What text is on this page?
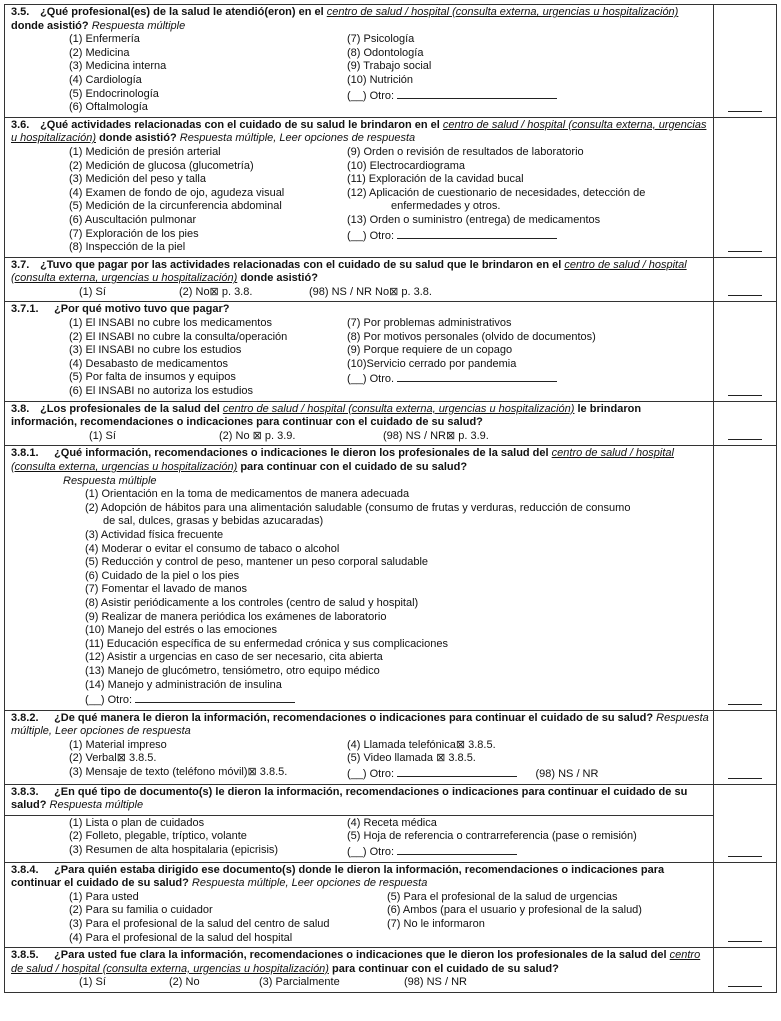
3.5. ¿Qué profesional(es) de la salud le atendió(eron) en el centro de salud / hospital (consulta externa, urgencias u hospitalización) donde asistió? Respuesta múltiple
(1) Enfermería
(2) Medicina
(3) Medicina interna
(4) Cardiología
(5) Endocrinología
(6) Oftalmología
(7) Psicología
(8) Odontología
(9) Trabajo social
(10) Nutrición
(__) Otro:
3.6. ¿Qué actividades relacionadas con el cuidado de su salud le brindaron en el centro de salud / hospital (consulta externa, urgencias u hospitalización) donde asistió? Respuesta múltiple, Leer opciones de respuesta
(1) Medición de presión arterial
(2) Medición de glucosa (glucometría)
(3) Medición del peso y talla
(4) Examen de fondo de ojo, agudeza visual
(5) Medición de la circunferencia abdominal
(6) Auscultación pulmonar
(7) Exploración de los pies
(8) Inspección de la piel
(9) Orden o revisión de resultados de laboratorio
(10) Electrocardiograma
(11) Exploración de la cavidad bucal
(12) Aplicación de cuestionario de necesidades, detección de
enfermedades y otros.
(13) Orden o suministro (entrega) de medicamentos
(__) Otro:
3.7. ¿Tuvo que pagar por las actividades relacionadas con el cuidado de su salud que le brindaron en el centro de salud / hospital (consulta externa, urgencias u hospitalización) donde asistió?
(1) Sí	(2) No⊠ p. 3.8.	(98) NS / NR No⊠ p. 3.8.
3.7.1. ¿Por qué motivo tuvo que pagar?
(1) El INSABI no cubre los medicamentos
(2) El INSABI no cubre la consulta/operación
(3) El INSABI no cubre los estudios
(4) Desabasto de medicamentos
(5) Por falta de insumos y equipos
(6) El INSABI no autoriza los estudios
(7) Por problemas administrativos
(8) Por motivos personales (olvido de documentos)
(9) Porque requiere de un copago
(10)Servicio cerrado por pandemia
(__) Otro.
3.8. ¿Los profesionales de la salud del centro de salud / hospital (consulta externa, urgencias u hospitalización) le brindaron información, recomendaciones o indicaciones para continuar con el cuidado de su salud?
(1) Sí	(2) No ⊠ p. 3.9.	(98) NS / NR⊠ p. 3.9.
3.8.1. ¿Qué información, recomendaciones o indicaciones le dieron los profesionales de la salud del centro de salud / hospital (consulta externa, urgencias u hospitalización) para continuar con el cuidado de su salud?
Respuesta múltiple
(1) Orientación en la toma de medicamentos de manera adecuada
(2) Adopción de hábitos para una alimentación saludable (consumo de frutas y verduras, reducción de consumo
de sal, dulces, grasas y bebidas azucaradas)
(3) Actividad física frecuente
(4) Moderar o evitar el consumo de tabaco o alcohol
(5) Reducción y control de peso, mantener un peso corporal saludable
(6) Cuidado de la piel o los pies
(7) Fomentar el lavado de manos
(8) Asistir periódicamente a los controles (centro de salud y hospital)
(9) Realizar de manera periódica los exámenes de laboratorio
(10) Manejo del estrés o las emociones
(11) Educación específica de su enfermedad crónica y sus complicaciones
(12) Asistir a urgencias en caso de ser necesario, cita abierta
(13) Manejo de glucómetro, tensiómetro, otro equipo médico
(14) Manejo y administración de insulina
(__) Otro:
3.8.2. ¿De qué manera le dieron la información, recomendaciones o indicaciones para continuar el cuidado de su salud? Respuesta múltiple, Leer opciones de respuesta
(1) Material impreso
(2) Verbal⊠ 3.8.5.
(3) Mensaje de texto (teléfono móvil)⊠ 3.8.5.
(4) Llamada telefónica⊠ 3.8.5.
(5) Video llamada ⊠ 3.8.5.
(__) Otro:	(98) NS / NR
3.8.3. ¿En qué tipo de documento(s) le dieron la información, recomendaciones o indicaciones para continuar el cuidado de su salud? Respuesta múltiple
(1) Lista o plan de cuidados
(2) Folleto, plegable, tríptico, volante
(3) Resumen de alta hospitalaria (epicrisis)
(4) Receta médica
(5) Hoja de referencia o contrarreferencia (pase o remisión)
(__) Otro:
3.8.4. ¿Para quién estaba dirigido ese documento(s) donde le dieron la información, recomendaciones o indicaciones para continuar el cuidado de su salud? Respuesta múltiple, Leer opciones de respuesta
(1) Para usted
(2) Para su familia o cuidador
(3) Para el profesional de la salud del centro de salud
(4) Para el profesional de la salud del hospital
(5) Para el profesional de la salud de urgencias
(6) Ambos (para el usuario y profesional de la salud)
(7) No le informaron
3.8.5. ¿Para usted fue clara la información, recomendaciones o indicaciones que le dieron los profesionales de la salud del centro de salud / hospital (consulta externa, urgencias u hospitalización) para continuar con el cuidado de su salud?
(1) Sí	(2) No	(3) Parcialmente	(98) NS / NR
